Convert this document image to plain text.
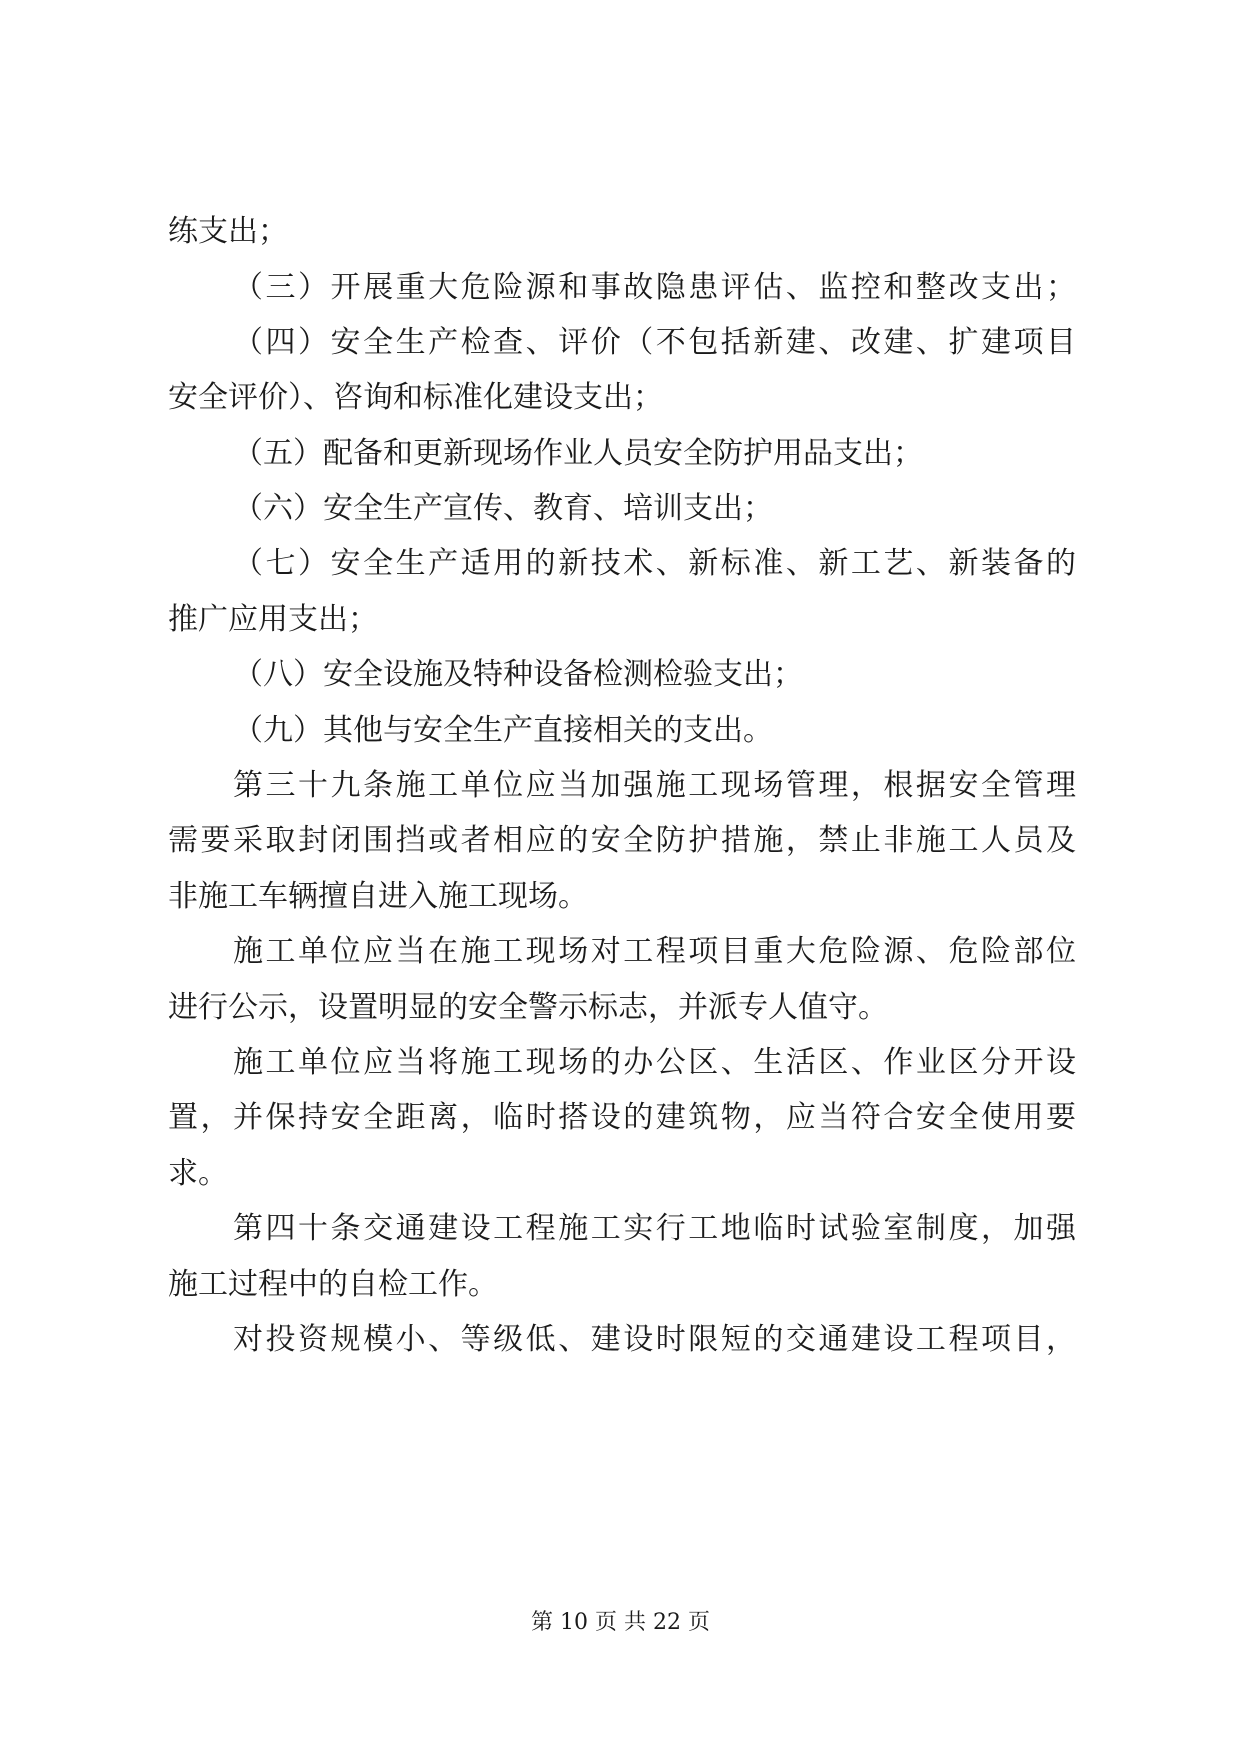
练支出；
（三）开展重大危险源和事故隐患评估、监控和整改支出；
（四）安全生产检查、评价（不包括新建、改建、扩建项目
安全评价）、咨询和标准化建设支出；
（五）配备和更新现场作业人员安全防护用品支出；
（六）安全生产宣传、教育、培训支出；
（七）安全生产适用的新技术、新标准、新工艺、新装备的
推广应用支出；
（八）安全设施及特种设备检测检验支出；
（九）其他与安全生产直接相关的支出。
第三十九条施工单位应当加强施工现场管理，根据安全管理
需要采取封闭围挡或者相应的安全防护措施，禁止非施工人员及
非施工车辆擅自进入施工现场。
施工单位应当在施工现场对工程项目重大危险源、危险部位
进行公示，设置明显的安全警示标志，并派专人值守。
施工单位应当将施工现场的办公区、生活区、作业区分开设
置，并保持安全距离，临时搭设的建筑物，应当符合安全使用要
求。
第四十条交通建设工程施工实行工地临时试验室制度，加强
施工过程中的自检工作。
对投资规模小、等级低、建设时限短的交通建设工程项目，
第 10 页 共 22 页
